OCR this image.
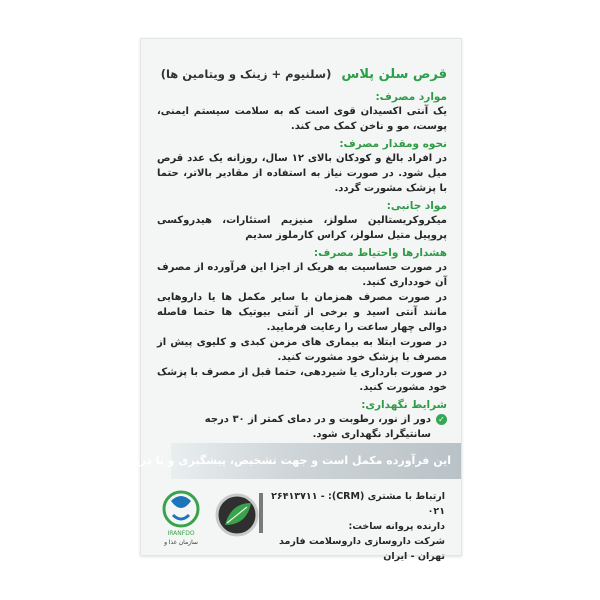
قرص سلن پلاس
(سلنیوم + زینک و ویتامین ها)
موارد مصرف:
یک آنتی اکسیدان قوی است که به سلامت سیستم ایمنی، پوست، مو و ناخن کمک می کند.
نحوه ومقدار مصرف:
در افراد بالغ و کودکان بالای ۱۲ سال، روزانه یک عدد قرص میل شود. در صورت نیاز به استفاده از مقادیر بالاتر، حتما با پزشک مشورت گردد.
مواد جانبی:
میکروکریستالین سلولز، منیزیم استئارات، هیدروکسی پروپیل متیل سلولز، کراس کارملوز سدیم
هشدارها واحتیاط مصرف:
در صورت حساسیت به هریک از اجزا این فرآورده از مصرف آن خودداری کنید.
در صورت مصرف همزمان با سایر مکمل ها یا داروهایی مانند آنتی اسید و برخی از آنتی بیوتیک ها حتما فاصله دوالی چهار ساعت را رعایت فرمایید.
در صورت ابتلا به بیماری های مزمن کبدی و کلیوی پیش از مصرف با پزشک خود مشورت کنید.
در صورت بارداری یا شیردهی، حتما قبل از مصرف با پزشک خود مشورت کنید.
شرایط نگهداری:
✓
دور از نور، رطوبت و در دمای کمتر از ۳۰ درجه سانتیگراد نگهداری شود.
این فرآورده مکمل است و جهت تشخیص، پیشگیری و یا درمان نمی باشد.
ارتباط با مشتری (CRM): ۲۶۴۱۳۷۱۱ - ۰۲۱
دارنده پروانه ساخت:
شرکت داروسازی داروسلامت فارمد
تهران - ایران
IRANFDO
سازمان غذا و
